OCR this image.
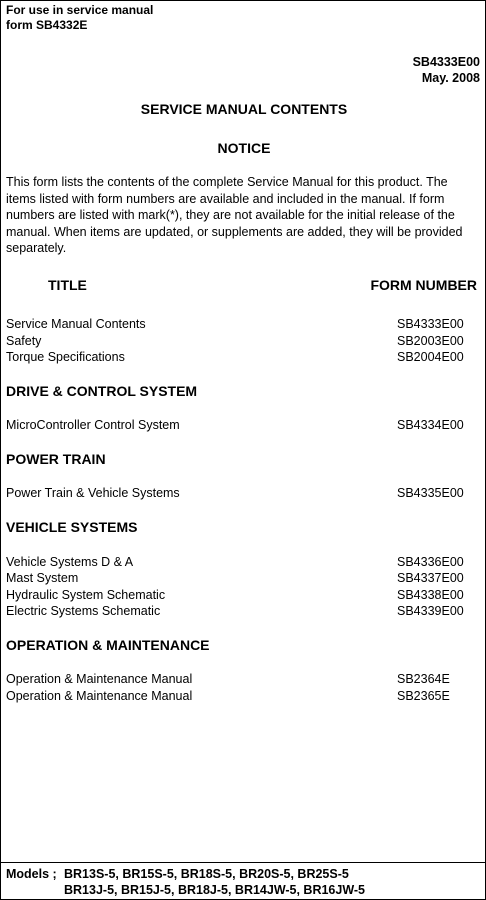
For use in service manual
form SB4332E
SB4333E00
May. 2008
SERVICE MANUAL CONTENTS
NOTICE
This form lists the contents of the complete Service Manual for this product. The items listed with form numbers are available and included in the manual. If form numbers are listed with mark(*), they are not available for the initial release of the manual. When items are updated, or supplements are added, they will be provided separately.
TITLE	FORM NUMBER
Service Manual Contents	SB4333E00
Safety	SB2003E00
Torque Specifications	SB2004E00
DRIVE & CONTROL SYSTEM
MicroController Control System	SB4334E00
POWER TRAIN
Power Train & Vehicle Systems	SB4335E00
VEHICLE SYSTEMS
Vehicle Systems D & A	SB4336E00
Mast System	SB4337E00
Hydraulic System Schematic	SB4338E00
Electric Systems Schematic	SB4339E00
OPERATION & MAINTENANCE
Operation & Maintenance Manual	SB2364E
Operation & Maintenance Manual	SB2365E
Models ; BR13S-5, BR15S-5, BR18S-5, BR20S-5, BR25S-5
BR13J-5, BR15J-5, BR18J-5, BR14JW-5, BR16JW-5
